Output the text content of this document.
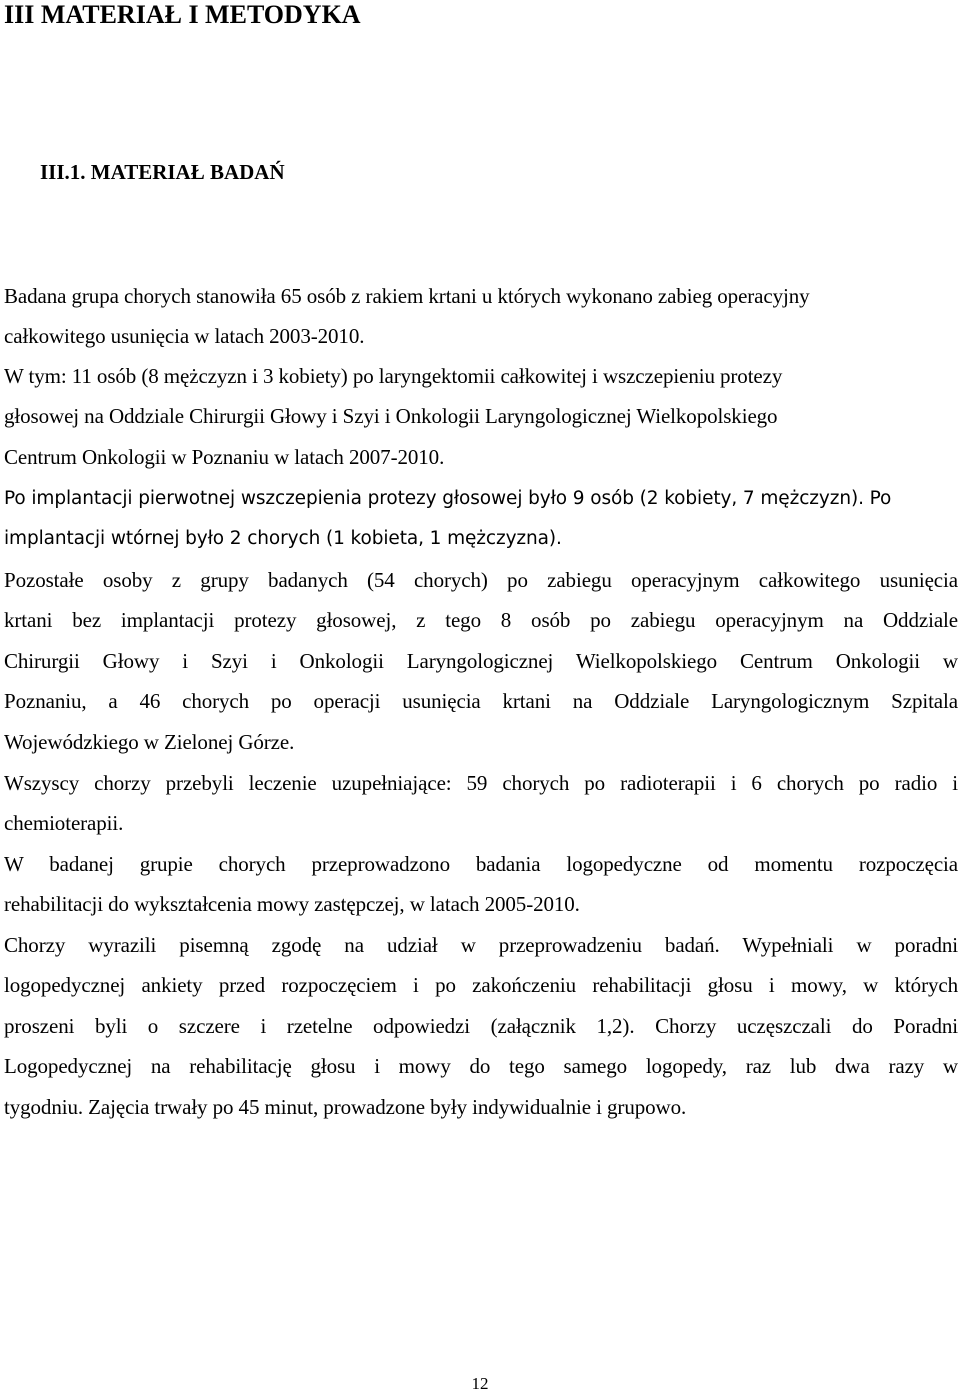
III MATERIAŁ I METODYKA
III.1. MATERIAŁ BADAŃ

Badana grupa chorych stanowiła 65 osób z rakiem krtani u których wykonano zabieg operacyjny

całkowitego usunięcia w latach 2003-2010.

W tym: 11 osób (8 mężczyzn i 3 kobiety) po laryngektomii całkowitej i wszczepieniu protezy

głosowej na Oddziale Chirurgii Głowy i Szyi i Onkologii Laryngologicznej Wielkopolskiego

Centrum Onkologii w Poznaniu w latach 2007-2010.

Po implantacji pierwotnej wszczepienia protezy głosowej było 9 osób (2 kobiety, 7 mężczyzn). Po

implantacji wtórnej było 2 chorych (1 kobieta, 1 mężczyzna).

Pozostałe osoby z grupy badanych (54 chorych) po zabiegu operacyjnym całkowitego usunięcia

krtani bez implantacji protezy głosowej, z tego 8 osób po zabiegu operacyjnym na Oddziale

Chirurgii Głowy i Szyi i Onkologii Laryngologicznej Wielkopolskiego Centrum Onkologii w

Poznaniu, a 46 chorych po operacji usunięcia krtani na Oddziale Laryngologicznym Szpitala

Wojewódzkiego w Zielonej Górze.

Wszyscy chorzy przebyli leczenie uzupełniające: 59 chorych po radioterapii i 6 chorych po radio i

chemioterapii.

W badanej grupie chorych przeprowadzono badania logopedyczne od momentu rozpoczęcia

rehabilitacji do wykształcenia mowy zastępczej, w latach 2005-2010.

Chorzy wyrazili pisemną zgodę na udział w przeprowadzeniu badań. Wypełniali w poradni

logopedycznej ankiety przed rozpoczęciem i po zakończeniu rehabilitacji głosu i mowy, w których

proszeni byli o szczere i rzetelne odpowiedzi (załącznik 1,2). Chorzy uczęszczali do Poradni

Logopedycznej na rehabilitację głosu i mowy do tego samego logopedy, raz lub dwa razy w

tygodniu. Zajęcia trwały po 45 minut, prowadzone były indywidualnie i grupowo.

12
